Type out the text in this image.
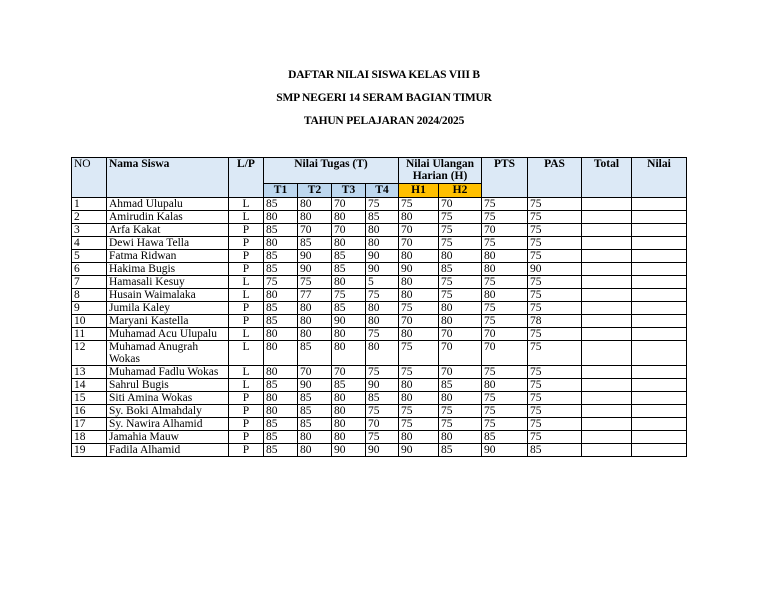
DAFTAR NILAI SISWA KELAS VIII B
SMP NEGERI 14 SERAM BAGIAN TIMUR
TAHUN PELAJARAN 2024/2025
NO	Nama Siswa	L/P	Nilai Tugas (T)				Nilai Ulangan Harian (H)		PTS	PAS	Total	Nilai
			T1	T2	T3	T4	H1	H2				
1	Ahmad Ulupalu	L	85	80	70	75	75	70	75	75		
2	Amirudin Kalas	L	80	80	80	85	80	75	75	75		
3	Arfa Kakat	P	85	70	70	80	70	75	70	75		
4	Dewi Hawa Tella	P	80	85	80	80	70	75	75	75		
5	Fatma Ridwan	P	85	90	85	90	80	80	80	75		
6	Hakima Bugis	P	85	90	85	90	90	85	80	90		
7	Hamasali Kesuy	L	75	75	80	5	80	75	75	75		
8	Husain Waimalaka	L	80	77	75	75	80	75	80	75		
9	Jumila Kaley	P	85	80	85	80	75	80	75	75		
10	Maryani Kastella	P	85	80	90	80	70	80	75	78		
11	Muhamad Acu Ulupalu	L	80	80	80	75	80	70	70	75		
12	Muhamad Anugrah Wokas	L	80	85	80	80	75	70	70	75		
13	Muhamad Fadlu Wokas	L	80	70	70	75	75	70	75	75		
14	Sahrul Bugis	L	85	90	85	90	80	85	80	75		
15	Siti Amina Wokas	P	80	85	80	85	80	80	75	75		
16	Sy. Boki Almahdaly	P	80	85	80	75	75	75	75	75		
17	Sy. Nawira Alhamid	P	85	85	80	70	75	75	75	75		
18	Jamahia Mauw	P	85	80	80	75	80	80	85	75		
19	Fadila Alhamid	P	85	80	90	90	90	85	90	85		
